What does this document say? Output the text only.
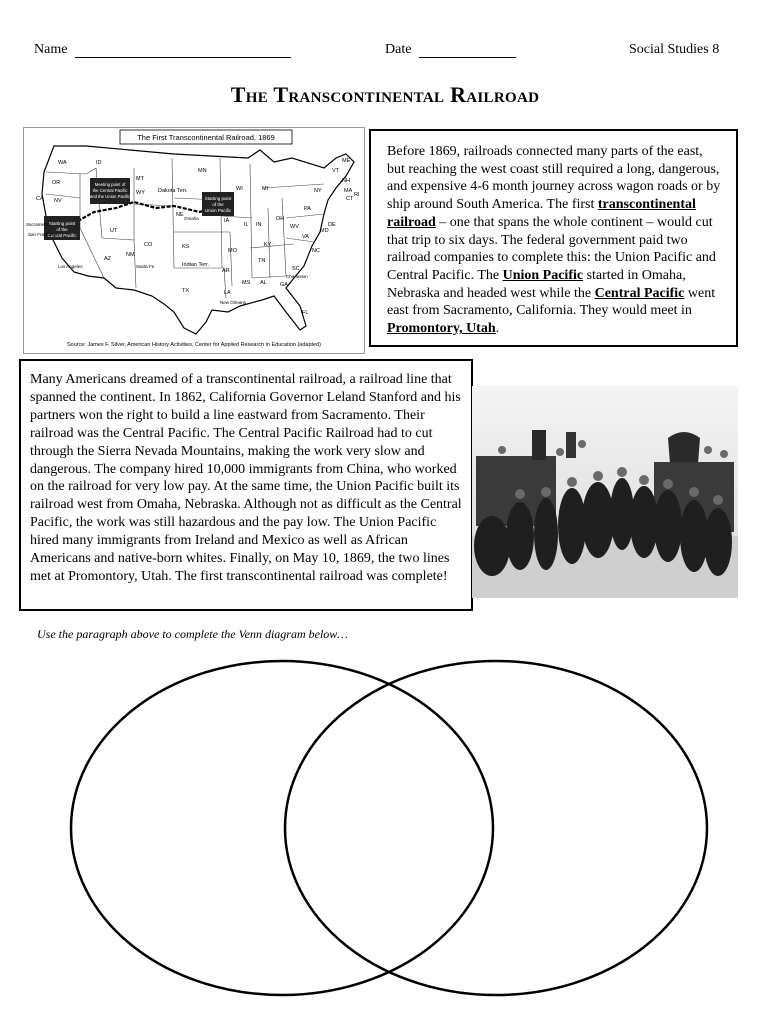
Name	Date	Social Studies 8
The Transcontinental Railroad
The First Transcontinental Railroad, 1869
Starting point
of the
Central Pacific
Meeting point of
the Central Pacific
and the Union Pacific	Starting point
of the
Union Pacific
WA
OR
CA NV
ID
MT
WY
UT
CO
AZ
NM
Dakota Terr.
NE
KS
Indian Terr.
TX
MN
IA
MO
AR
LA
WI
IL
MI
IN
OH
KY
TN
MS AL GA
FL
SC
NC
VA
WV
PA
NY
ME
VT
NH
MA
CT
RI
DE
MD
Sacramento
San Francisco
Los Angeles
Omaha
Santa Fe
New Orleans
Charleston
Source: James F. Silver, American History Activities, Center for Applied Research in Education (adapted)
Before 1869, railroads connected many parts of the east, but reaching the west coast still required a long, dangerous, and expensive 4-6 month journey across wagon roads or by ship around South America. The first transcontinental railroad – one that spans the whole continent – would cut that trip to six days. The federal government paid two railroad companies to complete this: the Union Pacific and Central Pacific. The Union Pacific started in Omaha, Nebraska and headed west while the Central Pacific went east from Sacramento, California. They would meet in Promontory, Utah.
Many Americans dreamed of a transcontinental railroad, a railroad line that spanned the continent. In 1862, California Governor Leland Stanford and his partners won the right to build a line eastward from Sacramento. Their railroad was the Central Pacific. The Central Pacific Railroad had to cut through the Sierra Nevada Mountains, making the work very slow and dangerous. The company hired 10,000 immigrants from China, who worked on the railroad for very low pay. At the same time, the Union Pacific built its railroad west from Omaha, Nebraska. Although not as difficult as the Central Pacific, the work was still hazardous and the pay low. The Union Pacific hired many immigrants from Ireland and Mexico as well as African Americans and native-born whites. Finally, on May 10, 1869, the two lines met at Promontory, Utah. The first transcontinental railroad was complete!
Use the paragraph above to complete the Venn diagram below…
